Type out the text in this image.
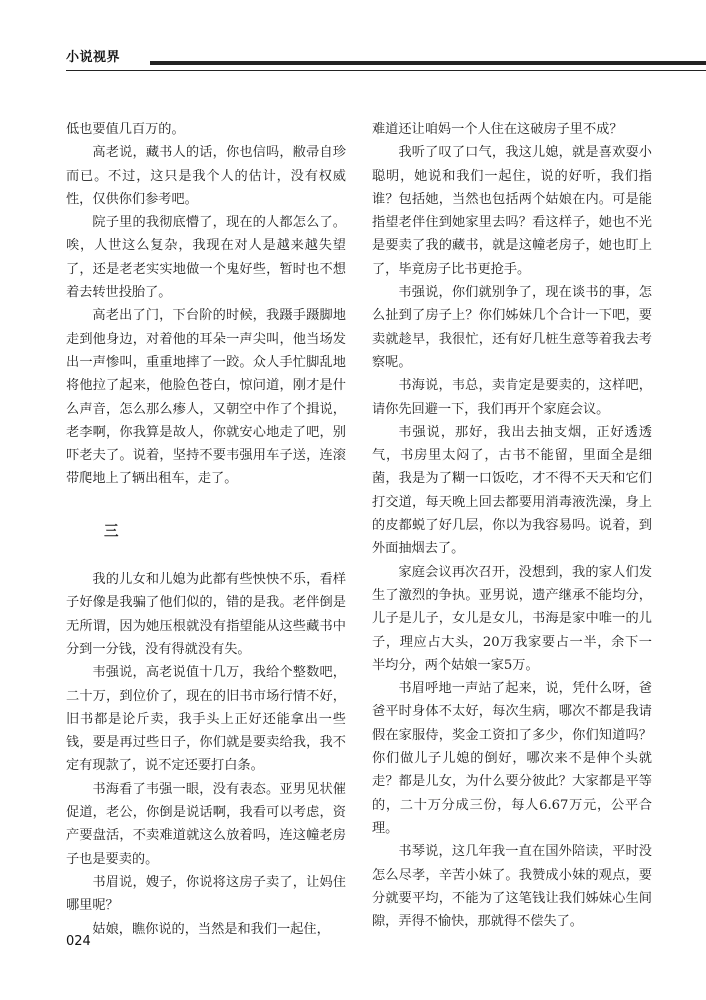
小说视界

低也要值几百万的。

高老说，藏书人的话，你也信吗，敝帚自珍而已。不过，这只是我个人的估计，没有权威性，仅供你们参考吧。

院子里的我彻底懵了，现在的人都怎么了。唉，人世这么复杂，我现在对人是越来越失望了，还是老老实实地做一个鬼好些，暂时也不想着去转世投胎了。

高老出了门，下台阶的时候，我蹑手蹑脚地走到他身边，对着他的耳朵一声尖叫，他当场发出一声惨叫，重重地摔了一跤。众人手忙脚乱地将他拉了起来，他脸色苍白，惊问道，刚才是什么声音，怎么那么瘆人，又朝空中作了个揖说，老李啊，你我算是故人，你就安心地走了吧，别吓老夫了。说着，坚持不要韦强用车子送，连滚带爬地上了辆出租车，走了。

三

我的儿女和儿媳为此都有些怏怏不乐，看样子好像是我骗了他们似的，错的是我。老伴倒是无所谓，因为她压根就没有指望能从这些藏书中分到一分钱，没有得就没有失。

韦强说，高老说值十几万，我给个整数吧，二十万，到位价了，现在的旧书市场行情不好，旧书都是论斤卖，我手头上正好还能拿出一些钱，要是再过些日子，你们就是要卖给我，我不定有现款了，说不定还要打白条。

书海看了韦强一眼，没有表态。亚男见状催促道，老公，你倒是说话啊，我看可以考虑，资产要盘活，不卖难道就这么放着吗，连这幢老房子也是要卖的。

书眉说，嫂子，你说将这房子卖了，让妈住哪里呢？

姑娘，瞧你说的，当然是和我们一起住，

难道还让咱妈一个人住在这破房子里不成？

我听了叹了口气，我这儿媳，就是喜欢耍小聪明，她说和我们一起住，说的好听，我们指谁？包括她，当然也包括两个姑娘在内。可是能指望老伴住到她家里去吗？看这样子，她也不光是要卖了我的藏书，就是这幢老房子，她也盯上了，毕竟房子比书更抢手。

韦强说，你们就别争了，现在谈书的事，怎么扯到了房子上？你们姊妹几个合计一下吧，要卖就趁早，我很忙，还有好几桩生意等着我去考察呢。

书海说，韦总，卖肯定是要卖的，这样吧，请你先回避一下，我们再开个家庭会议。

韦强说，那好，我出去抽支烟，正好透透气，书房里太闷了，古书不能留，里面全是细菌，我是为了糊一口饭吃，才不得不天天和它们打交道，每天晚上回去都要用消毒液洗澡，身上的皮都蜕了好几层，你以为我容易吗。说着，到外面抽烟去了。

家庭会议再次召开，没想到，我的家人们发生了激烈的争执。亚男说，遗产继承不能均分，儿子是儿子，女儿是女儿，书海是家中唯一的儿子，理应占大头，20万我家要占一半，余下一半均分，两个姑娘一家5万。

书眉呼地一声站了起来，说，凭什么呀，爸爸平时身体不太好，每次生病，哪次不都是我请假在家服侍，奖金工资扣了多少，你们知道吗？你们做儿子儿媳的倒好，哪次来不是伸个头就走？都是儿女，为什么要分彼此？大家都是平等的，二十万分成三份，每人6.67万元，公平合理。

书琴说，这几年我一直在国外陪读，平时没怎么尽孝，辛苦小妹了。我赞成小妹的观点，要分就要平均，不能为了这笔钱让我们姊妹心生间隙，弄得不愉快，那就得不偿失了。

024
